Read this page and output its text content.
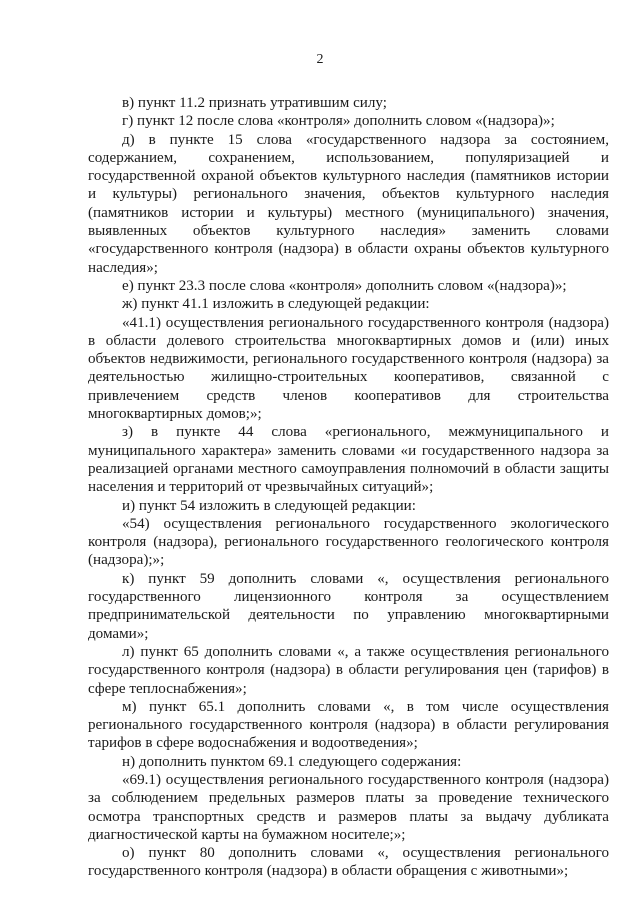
2

в) пункт 11.2 признать утратившим силу;

г) пункт 12 после слова «контроля» дополнить словом «(надзора)»;

д) в пункте 15 слова «государственного надзора за состоянием, содержанием, сохранением, использованием, популяризацией и государственной охраной объектов культурного наследия (памятников истории и культуры) регионального значения, объектов культурного наследия (памятников истории и культуры) местного (муниципального) значения, выявленных объектов культурного наследия» заменить словами «государственного контроля (надзора) в области охраны объектов культурного наследия»;

е) пункт 23.3 после слова «контроля» дополнить словом «(надзора)»;

ж) пункт 41.1 изложить в следующей редакции:

«41.1) осуществления регионального государственного контроля (надзора) в области долевого строительства многоквартирных домов и (или) иных объектов недвижимости, регионального государственного контроля (надзора) за деятельностью жилищно-строительных кооперативов, связанной с привлечением средств членов кооперативов для строительства многоквартирных домов;»;

з) в пункте 44 слова «регионального, межмуниципального и муниципального характера» заменить словами «и государственного надзора за реализацией органами местного самоуправления полномочий в области защиты населения и территорий от чрезвычайных ситуаций»;

и) пункт 54 изложить в следующей редакции:

«54) осуществления регионального государственного экологического контроля (надзора), регионального государственного геологического контроля (надзора);»;

к) пункт 59 дополнить словами «, осуществления регионального государственного лицензионного контроля за осуществлением предпринимательской деятельности по управлению многоквартирными домами»;

л) пункт 65 дополнить словами «, а также осуществления регионального государственного контроля (надзора) в области регулирования цен (тарифов) в сфере теплоснабжения»;

м) пункт 65.1 дополнить словами «, в том числе осуществления регионального государственного контроля (надзора) в области регулирования тарифов в сфере водоснабжения и водоотведения»;

н) дополнить пунктом 69.1 следующего содержания:

«69.1) осуществления регионального государственного контроля (надзора) за соблюдением предельных размеров платы за проведение технического осмотра транспортных средств и размеров платы за выдачу дубликата диагностической карты на бумажном носителе;»;

о) пункт 80 дополнить словами «, осуществления регионального государственного контроля (надзора) в области обращения с животными»;
